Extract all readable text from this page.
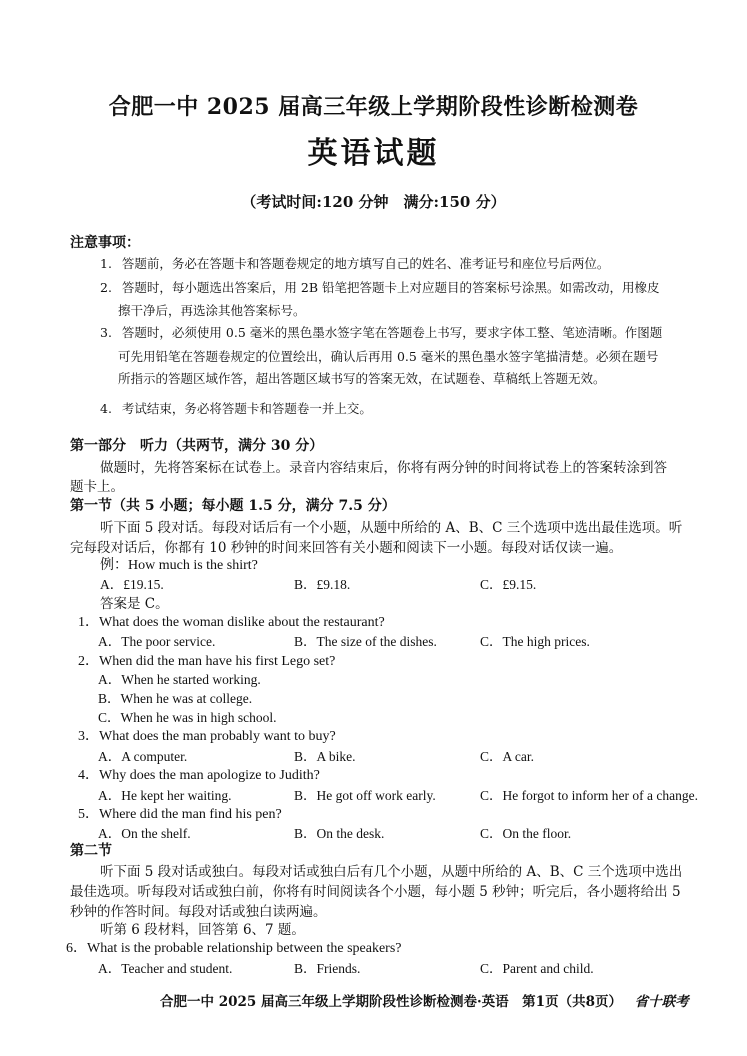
合肥一中 2025 届高三年级上学期阶段性诊断检测卷
英语试题
（考试时间:120 分钟　满分:150 分）
注意事项：
1. 答题前，务必在答题卡和答题卷规定的地方填写自己的姓名、准考证号和座位号后两位。
2. 答题时，每小题选出答案后，用 2B 铅笔把答题卡上对应题目的答案标号涂黑。如需改动，用橡皮
擦干净后，再选涂其他答案标号。
3. 答题时，必须使用 0.5 毫米的黑色墨水签字笔在答题卷上书写，要求字体工整、笔迹清晰。作图题
可先用铅笔在答题卷规定的位置绘出，确认后再用 0.5 毫米的黑色墨水签字笔描清楚。必须在题号
所指示的答题区域作答，超出答题区域书写的答案无效，在试题卷、草稿纸上答题无效。
4. 考试结束，务必将答题卡和答题卷一并上交。
第一部分　听力（共两节，满分 30 分）
做题时，先将答案标在试卷上。录音内容结束后，你将有两分钟的时间将试卷上的答案转涂到答
题卡上。
第一节（共 5 小题；每小题 1.5 分，满分 7.5 分）
听下面 5 段对话。每段对话后有一个小题，从题中所给的 A、B、C 三个选项中选出最佳选项。听
完每段对话后，你都有 10 秒钟的时间来回答有关小题和阅读下一小题。每段对话仅读一遍。
例：How much is the shirt?
A．£19.15.	B．£9.18.	C．£9.15.
答案是 C。
1．What does the woman dislike about the restaurant?
A．The poor service.	B．The size of the dishes.	C．The high prices.
2．When did the man have his first Lego set?
A．When he started working.
B．When he was at college.
C．When he was in high school.
3．What does the man probably want to buy?
A．A computer.	B．A bike.	C．A car.
4．Why does the man apologize to Judith?
A．He kept her waiting.	B．He got off work early.	C．He forgot to inform her of a change.
5．Where did the man find his pen?
A．On the shelf.	B．On the desk.	C．On the floor.
第二节
听下面 5 段对话或独白。每段对话或独白后有几个小题，从题中所给的 A、B、C 三个选项中选出
最佳选项。听每段对话或独白前，你将有时间阅读各个小题，每小题 5 秒钟；听完后，各小题将给出 5
秒钟的作答时间。每段对话或独白读两遍。
听第 6 段材料，回答第 6、7 题。
6．What is the probable relationship between the speakers?
A．Teacher and student.	B．Friends.	C．Parent and child.
合肥一中 2025 届高三年级上学期阶段性诊断检测卷·英语　第1页（共8页） 省十联考
